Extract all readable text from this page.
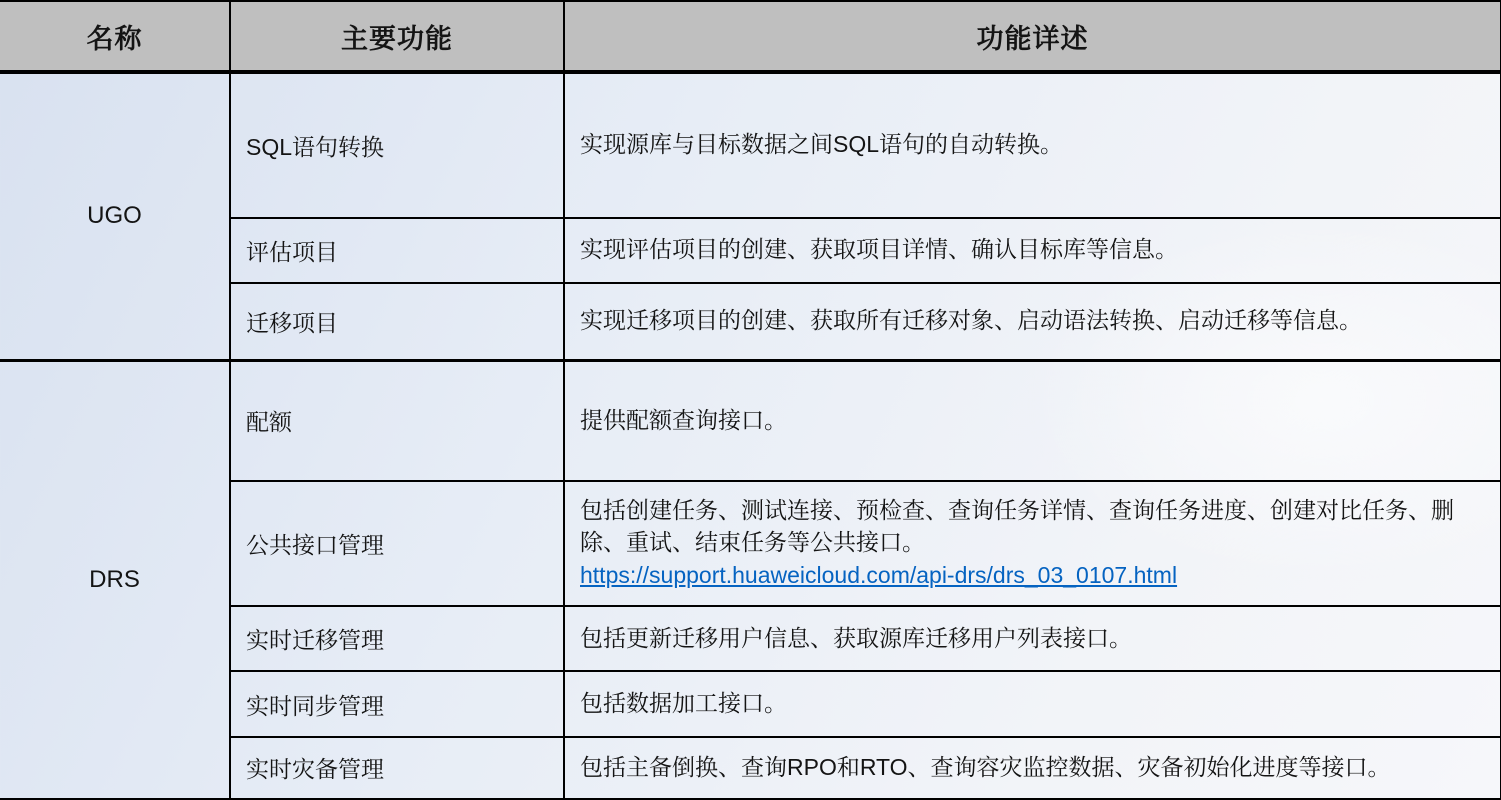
名称	主要功能	功能详述
UGO	SQL语句转换	实现源库与目标数据之间SQL语句的自动转换。
	评估项目	实现评估项目的创建、获取项目详情、确认目标库等信息。
	迁移项目	实现迁移项目的创建、获取所有迁移对象、启动语法转换、启动迁移等信息。
DRS	配额	提供配额查询接口。
	公共接口管理	包括创建任务、测试连接、预检查、查询任务详情、查询任务进度、创建对比任务、删除、重试、结束任务等公共接口。
https://support.huaweicloud.com/api-drs/drs_03_0107.html

	实时迁移管理	包括更新迁移用户信息、获取源库迁移用户列表接口。
	实时同步管理	包括数据加工接口。
	实时灾备管理	包括主备倒换、查询RPO和RTO、查询容灾监控数据、灾备初始化进度等接口。
